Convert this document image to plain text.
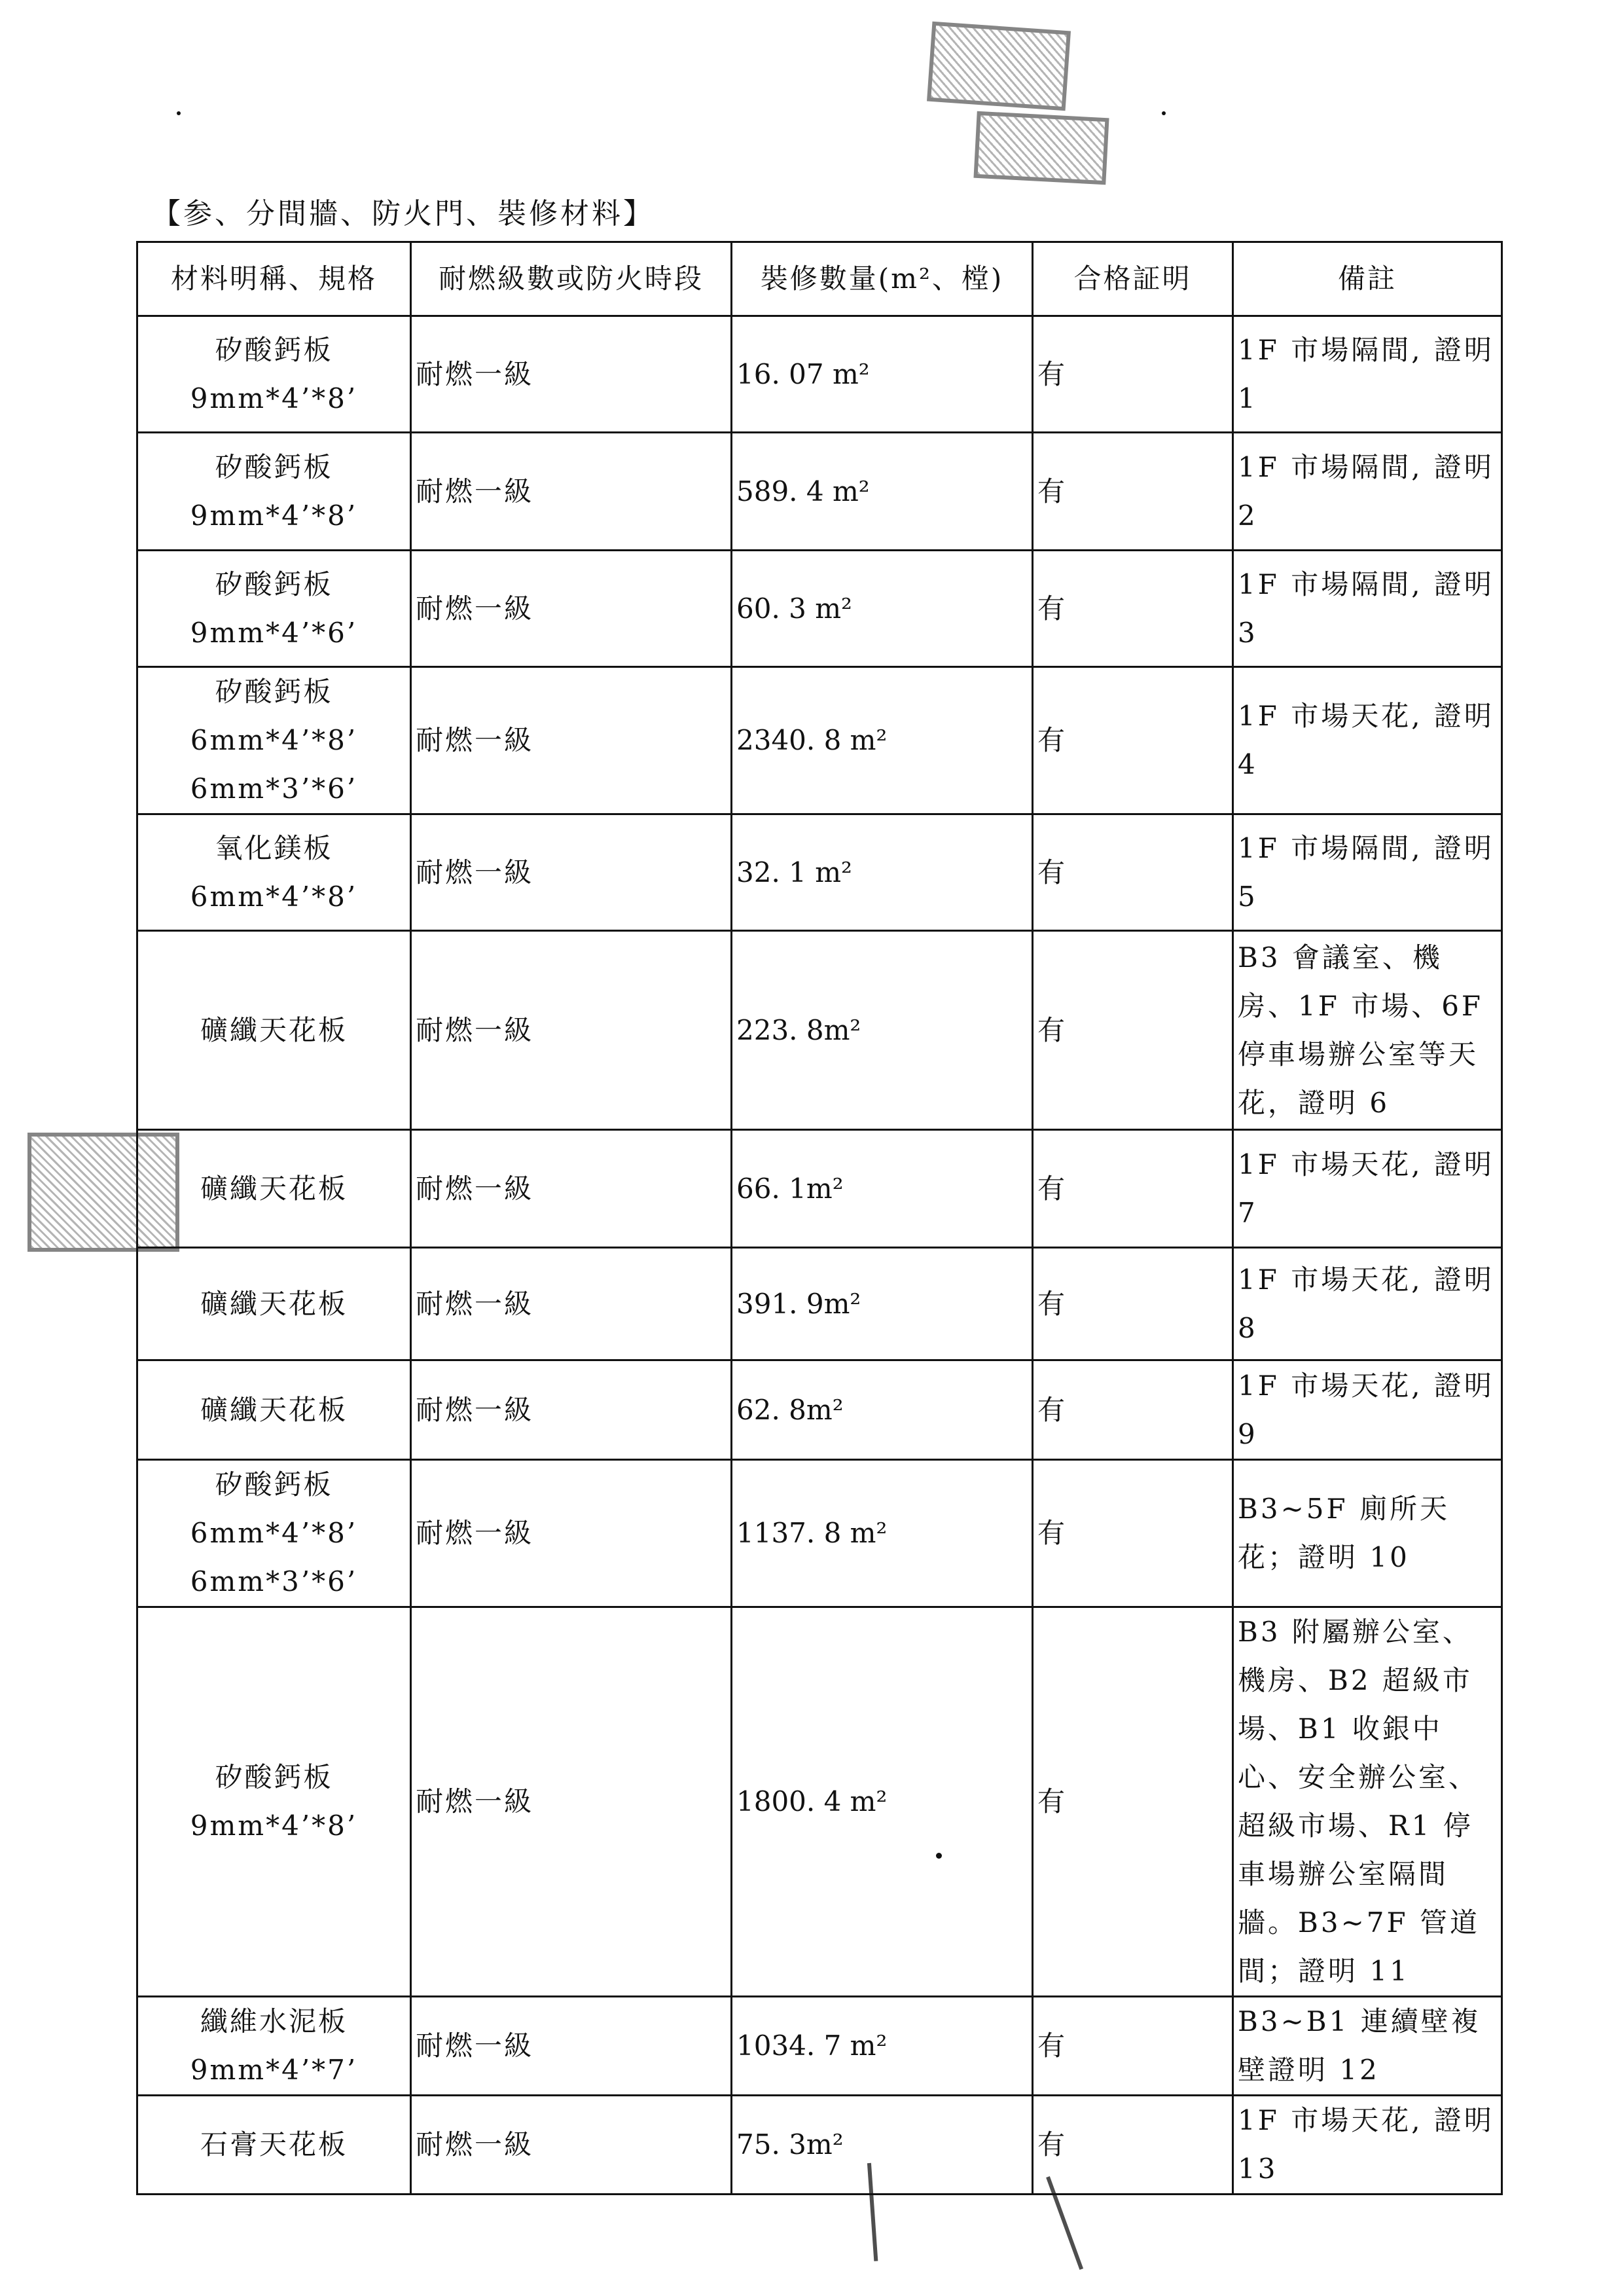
【参、分間牆、防火門、裝修材料】
材料明稱、規格	耐燃級數或防火時段	裝修數量(m²、樘)	合格証明	備註

矽酸鈣板
9mm*4’*8’	耐燃一級	16. 07 m²	有	1F 市場隔間, 證明 1

矽酸鈣板
9mm*4’*8’	耐燃一級	589. 4 m²	有	1F 市場隔間, 證明 2

矽酸鈣板
9mm*4’*6’	耐燃一級	60. 3 m²	有	1F 市場隔間, 證明 3

矽酸鈣板
6mm*4’*8’
6mm*3’*6’	耐燃一級	2340. 8 m²	有	1F 市場天花, 證明 4

氧化鎂板
6mm*4’*8’	耐燃一級	32. 1 m²	有	1F 市場隔間, 證明 5

礦纖天花板	耐燃一級	223. 8m²	有	B3 會議室、機房、1F 市場、6F 停車場辦公室等天花，證明 6

礦纖天花板	耐燃一級	66. 1m²	有	1F 市場天花, 證明 7

礦纖天花板	耐燃一級	391. 9m²	有	1F 市場天花, 證明 8

礦纖天花板	耐燃一級	62. 8m²	有	1F 市場天花, 證明 9

矽酸鈣板
6mm*4’*8’
6mm*3’*6’	耐燃一級	1137. 8 m²	有	B3~5F 廁所天花；證明 10

矽酸鈣板
9mm*4’*8’	耐燃一級	1800. 4 m²	有	B3 附屬辦公室、機房、B2 超級市場、B1 收銀中心、安全辦公室、超級市場、R1 停車場辦公室隔間牆。B3~7F 管道間；證明 11

纖維水泥板
9mm*4’*7’	耐燃一級	1034. 7 m²	有	B3~B1 連續壁複壁證明 12

石膏天花板	耐燃一級	75. 3m²	有	1F 市場天花, 證明 13
